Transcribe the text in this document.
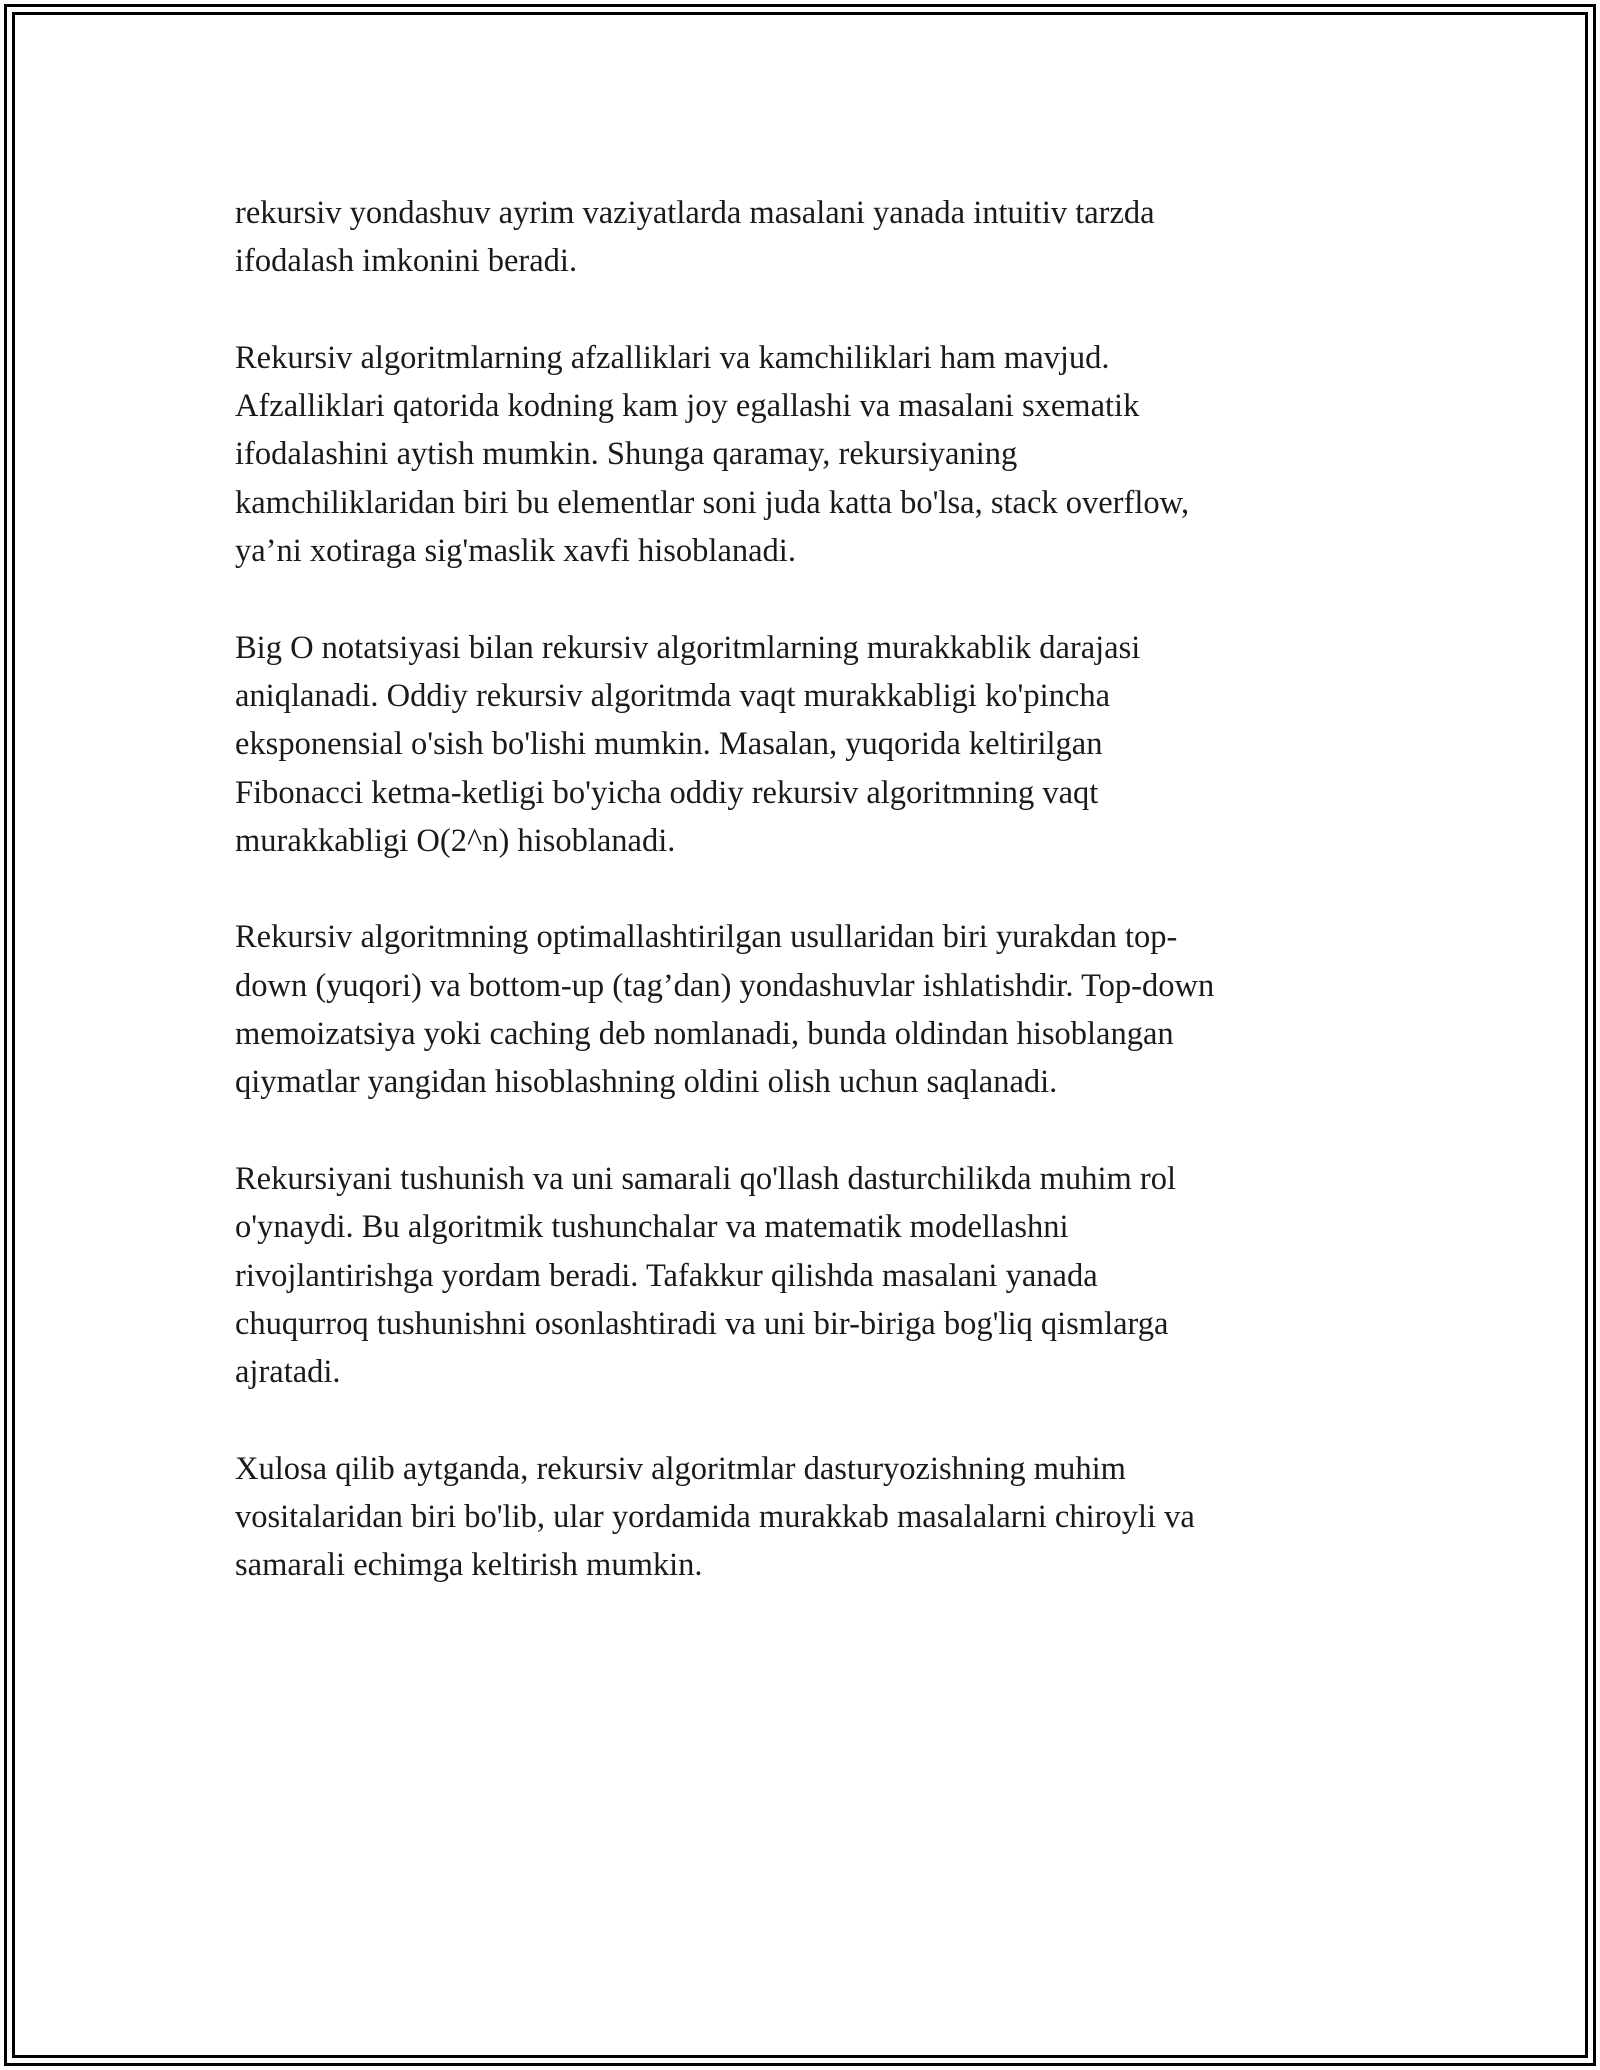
rekursiv yondashuv ayrim vaziyatlarda masalani yanada intuitiv tarzda
ifodalash imkonini beradi.

Rekursiv algoritmlarning afzalliklari va kamchiliklari ham mavjud.
Afzalliklari qatorida kodning kam joy egallashi va masalani sxematik
ifodalashini aytish mumkin. Shunga qaramay, rekursiyaning
kamchiliklaridan biri bu elementlar soni juda katta bo'lsa, stack overflow,
ya’ni xotiraga sig'maslik xavfi hisoblanadi.

Big O notatsiyasi bilan rekursiv algoritmlarning murakkablik darajasi
aniqlanadi. Oddiy rekursiv algoritmda vaqt murakkabligi ko'pincha
eksponensial o'sish bo'lishi mumkin. Masalan, yuqorida keltirilgan
Fibonacci ketma-ketligi bo'yicha oddiy rekursiv algoritmning vaqt
murakkabligi O(2^n) hisoblanadi.

Rekursiv algoritmning optimallashtirilgan usullaridan biri yurakdan top-
down (yuqori) va bottom-up (tag’dan) yondashuvlar ishlatishdir. Top-down
memoizatsiya yoki caching deb nomlanadi, bunda oldindan hisoblangan
qiymatlar yangidan hisoblashning oldini olish uchun saqlanadi.

Rekursiyani tushunish va uni samarali qo'llash dasturchilikda muhim rol
o'ynaydi. Bu algoritmik tushunchalar va matematik modellashni
rivojlantirishga yordam beradi. Tafakkur qilishda masalani yanada
chuqurroq tushunishni osonlashtiradi va uni bir-biriga bog'liq qismlarga
ajratadi.

Xulosa qilib aytganda, rekursiv algoritmlar dasturyozishning muhim
vositalaridan biri bo'lib, ular yordamida murakkab masalalarni chiroyli va
samarali echimga keltirish mumkin.
